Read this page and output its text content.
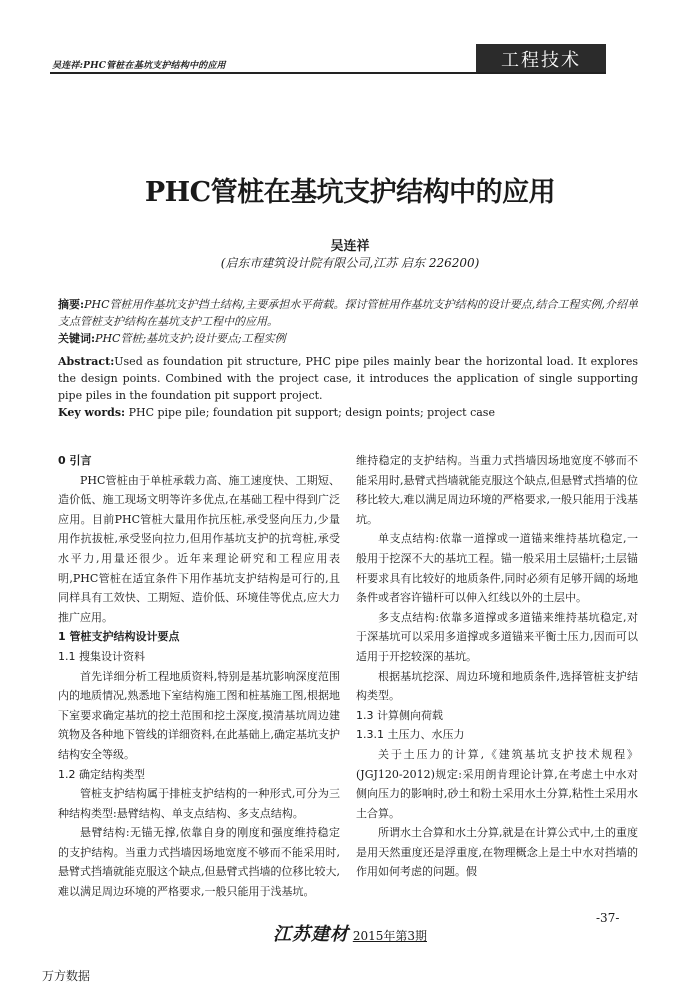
吴连祥:PHC管桩在基坑支护结构中的应用	工程技术
PHC管桩在基坑支护结构中的应用
吴连祥
(启东市建筑设计院有限公司,江苏 启东 226200)

摘要:PHC管桩用作基坑支护挡土结构,主要承担水平荷载。探讨管桩用作基坑支护结构的设计要点,结合工程实例,介绍单支点管桩支护结构在基坑支护工程中的应用。

关键词:PHC管桩;基坑支护;设计要点;工程实例

Abstract:Used as foundation pit structure, PHC pipe piles mainly bear the horizontal load. It explores the design points. Combined with the project case, it introduces the application of single supporting pipe piles in the foundation pit support project.

Key words: PHC pipe pile; foundation pit support; design points; project case

0 引言

PHC管桩由于单桩承载力高、施工速度快、工期短、造价低、施工现场文明等许多优点,在基础工程中得到广泛应用。目前PHC管桩大量用作抗压桩,承受竖向压力,少量用作抗拔桩,承受竖向拉力,但用作基坑支护的抗弯桩,承受水平力,用量还很少。近年来理论研究和工程应用表明,PHC管桩在适宜条件下用作基坑支护结构是可行的,且同样具有工效快、工期短、造价低、环境佳等优点,应大力推广应用。

1 管桩支护结构设计要点

1.1 搜集设计资料

首先详细分析工程地质资料,特别是基坑影响深度范围内的地质情况,熟悉地下室结构施工图和桩基施工图,根据地下室要求确定基坑的挖土范围和挖土深度,摸清基坑周边建筑物及各种地下管线的详细资料,在此基础上,确定基坑支护结构安全等级。

1.2 确定结构类型

管桩支护结构属于排桩支护结构的一种形式,可分为三种结构类型:悬臂结构、单支点结构、多支点结构。

悬臂结构:无锚无撑,依靠自身的刚度和强度维持稳定的支护结构。当重力式挡墙因场地宽度不够而不能采用时,悬臂式挡墙就能克服这个缺点,但悬臂式挡墙的位移比较大,难以满足周边环境的严格要求,一般只能用于浅基坑。

维持稳定的支护结构。当重力式挡墙因场地宽度不够而不能采用时,悬臂式挡墙就能克服这个缺点,但悬臂式挡墙的位移比较大,难以满足周边环境的严格要求,一般只能用于浅基坑。

单支点结构:依靠一道撑或一道锚来维持基坑稳定,一般用于挖深不大的基坑工程。锚一般采用土层锚杆;土层锚杆要求具有比较好的地质条件,同时必须有足够开阔的场地条件或者容许锚杆可以伸入红线以外的土层中。

多支点结构:依靠多道撑或多道锚来维持基坑稳定,对于深基坑可以采用多道撑或多道锚来平衡土压力,因而可以适用于开挖较深的基坑。

根据基坑挖深、周边环境和地质条件,选择管桩支护结构类型。

1.3 计算侧向荷载

1.3.1 土压力、水压力

关于土压力的计算,《建筑基坑支护技术规程》(JGJ120-2012)规定:采用朗肯理论计算,在考虑土中水对侧向压力的影响时,砂土和粉土采用水土分算,粘性土采用水土合算。

所谓水土合算和水土分算,就是在计算公式中,土的重度是用天然重度还是浮重度,在物理概念上是土中水对挡墙的作用如何考虑的问题。假

-37-
江苏建材 2015年第3期
万方数据
